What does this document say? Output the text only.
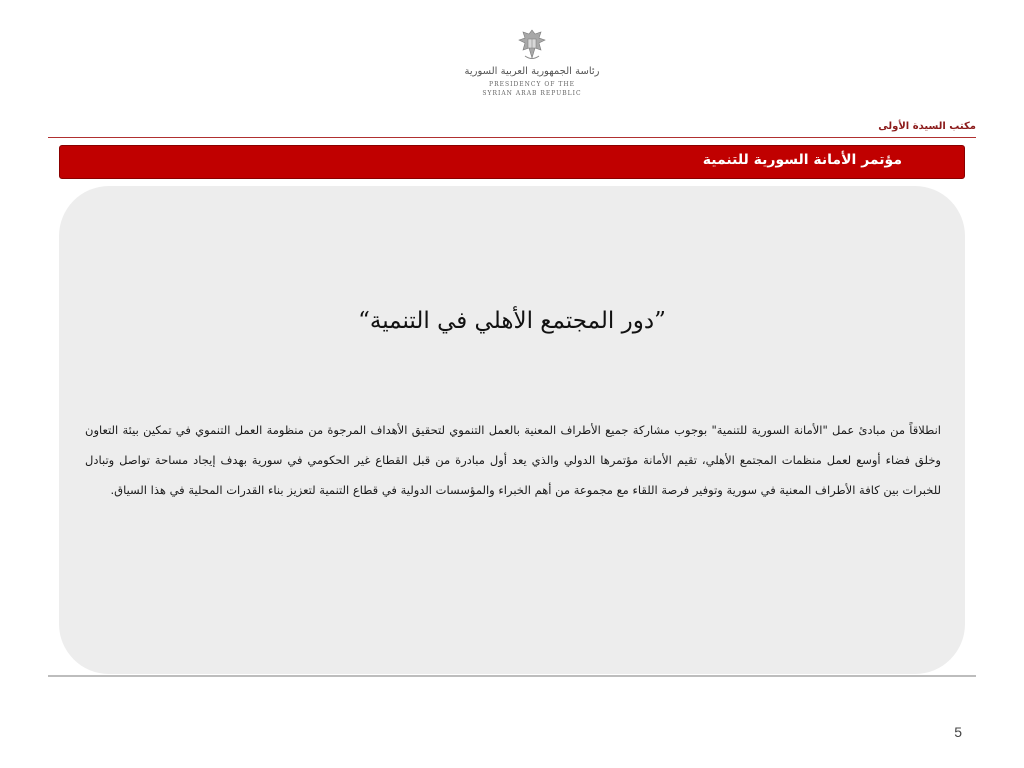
رئاسة الجمهورية العربية السورية
PRESIDENCY OF THE
SYRIAN ARAB REPUBLIC
مكتب السيدة الأولى
مؤتمر الأمانة السورية للتنمية
”دور المجتمع الأهلي في التنمية“
انطلاقاً من مبادئ عمل "الأمانة السورية للتنمية" بوجوب مشاركة جميع الأطراف المعنية بالعمل التنموي لتحقيق الأهداف المرجوة من منظومة العمل التنموي في تمكين بيئة التعاون وخلق فضاء أوسع لعمل منظمات المجتمع الأهلي، تقيم الأمانة مؤتمرها الدولي والذي يعد أول مبادرة من قبل القطاع غير الحكومي في سورية بهدف إيجاد مساحة تواصل وتبادل للخبرات بين كافة الأطراف المعنية في سورية وتوفير فرصة اللقاء مع مجموعة من أهم الخبراء والمؤسسات الدولية في قطاع التنمية لتعزيز بناء القدرات المحلية في هذا السياق.
5
